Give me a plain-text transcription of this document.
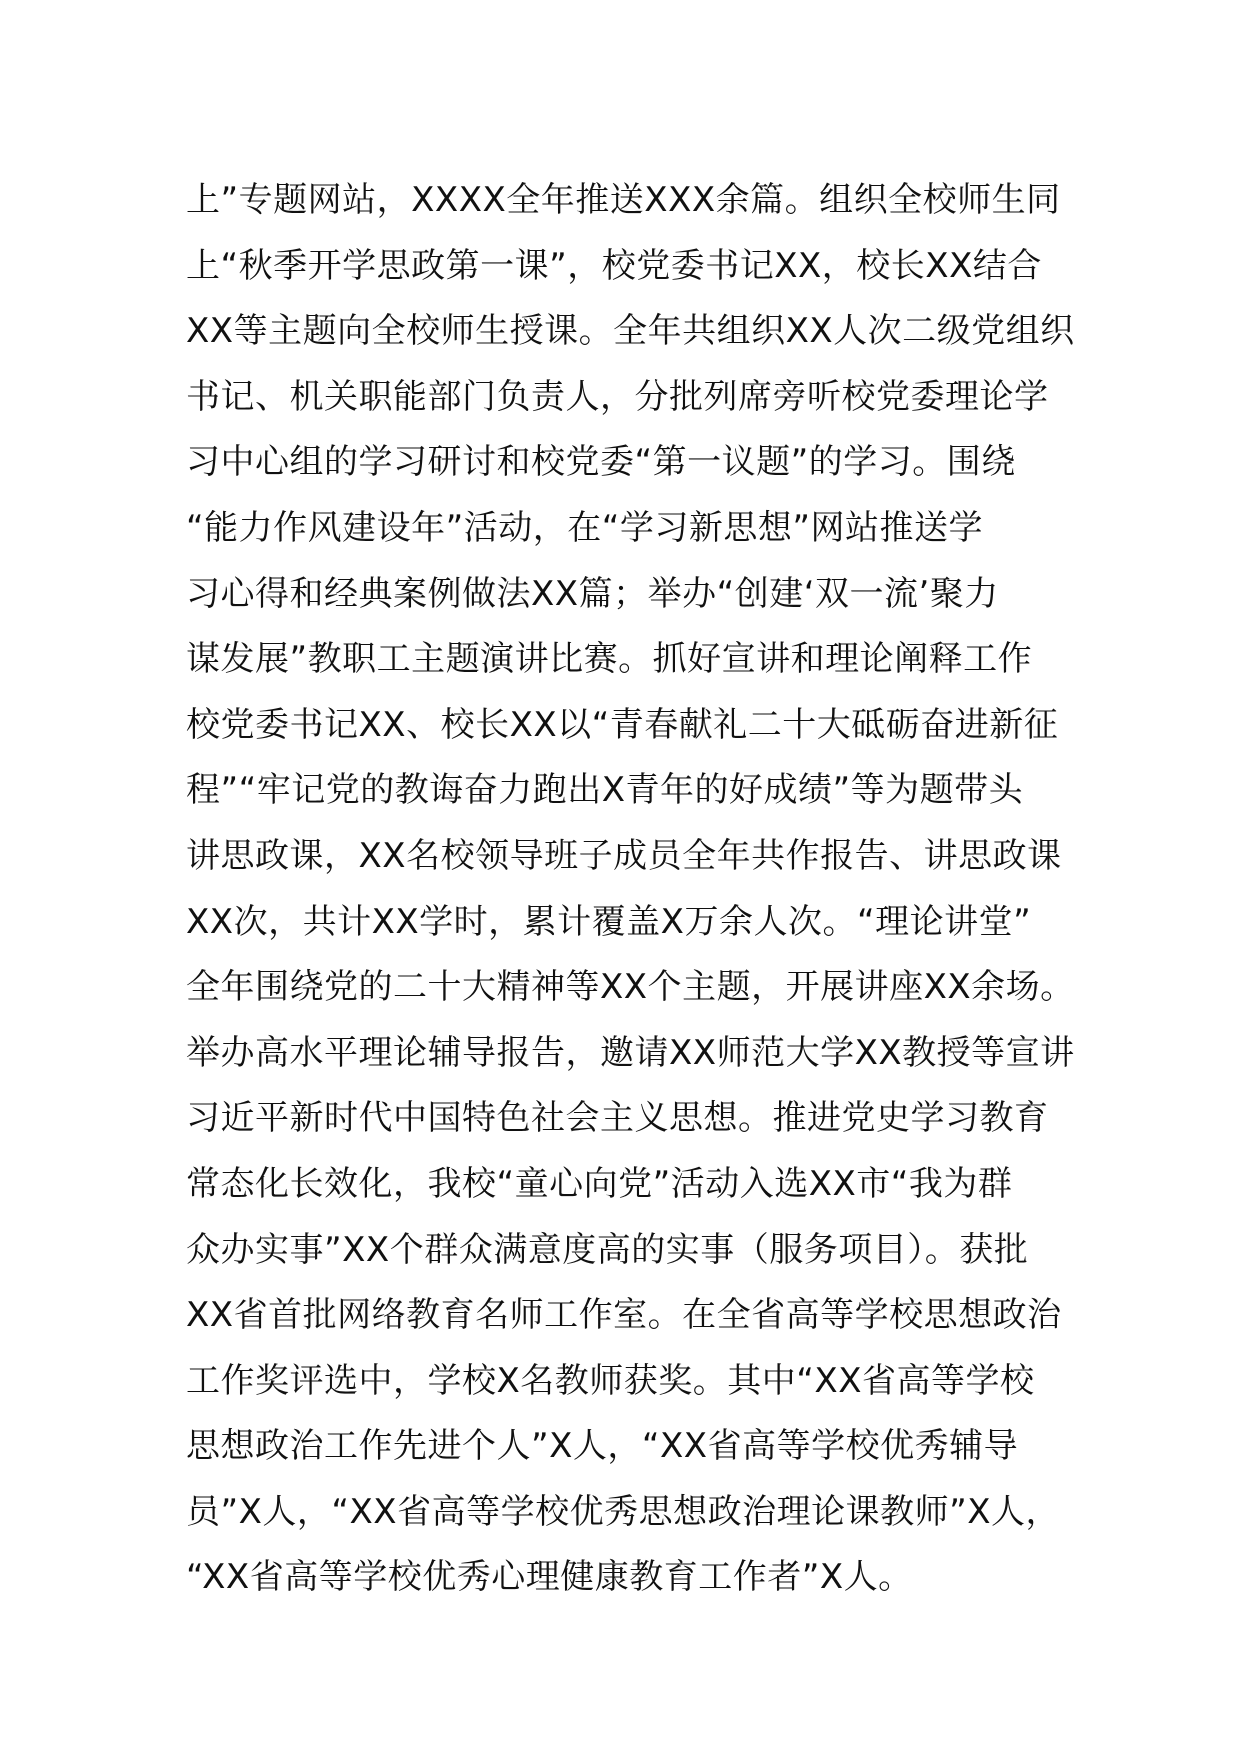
上”专题网站，XXXX全年推送XXX余篇。组织全校师生同
上“秋季开学思政第一课”，校党委书记XX，校长XX结合
XX等主题向全校师生授课。全年共组织XX人次二级党组织
书记、机关职能部门负责人，分批列席旁听校党委理论学
习中心组的学习研讨和校党委“第一议题”的学习。围绕
“能力作风建设年”活动，在“学习新思想”网站推送学
习心得和经典案例做法XX篇；举办“创建‘双一流’聚力
谋发展”教职工主题演讲比赛。抓好宣讲和理论阐释工作
校党委书记XX、校长XX以“青春献礼二十大砥砺奋进新征
程”“牢记党的教诲奋力跑出X青年的好成绩”等为题带头
讲思政课，XX名校领导班子成员全年共作报告、讲思政课
XX次，共计XX学时，累计覆盖X万余人次。“理论讲堂”
全年围绕党的二十大精神等XX个主题，开展讲座XX余场。
举办高水平理论辅导报告，邀请XX师范大学XX教授等宣讲
习近平新时代中国特色社会主义思想。推进党史学习教育
常态化长效化，我校“童心向党”活动入选XX市“我为群
众办实事”XX个群众满意度高的实事（服务项目）。获批
XX省首批网络教育名师工作室。在全省高等学校思想政治
工作奖评选中，学校X名教师获奖。其中“XX省高等学校
思想政治工作先进个人”X人，“XX省高等学校优秀辅导
员”X人，“XX省高等学校优秀思想政治理论课教师”X人，
“XX省高等学校优秀心理健康教育工作者”X人。
